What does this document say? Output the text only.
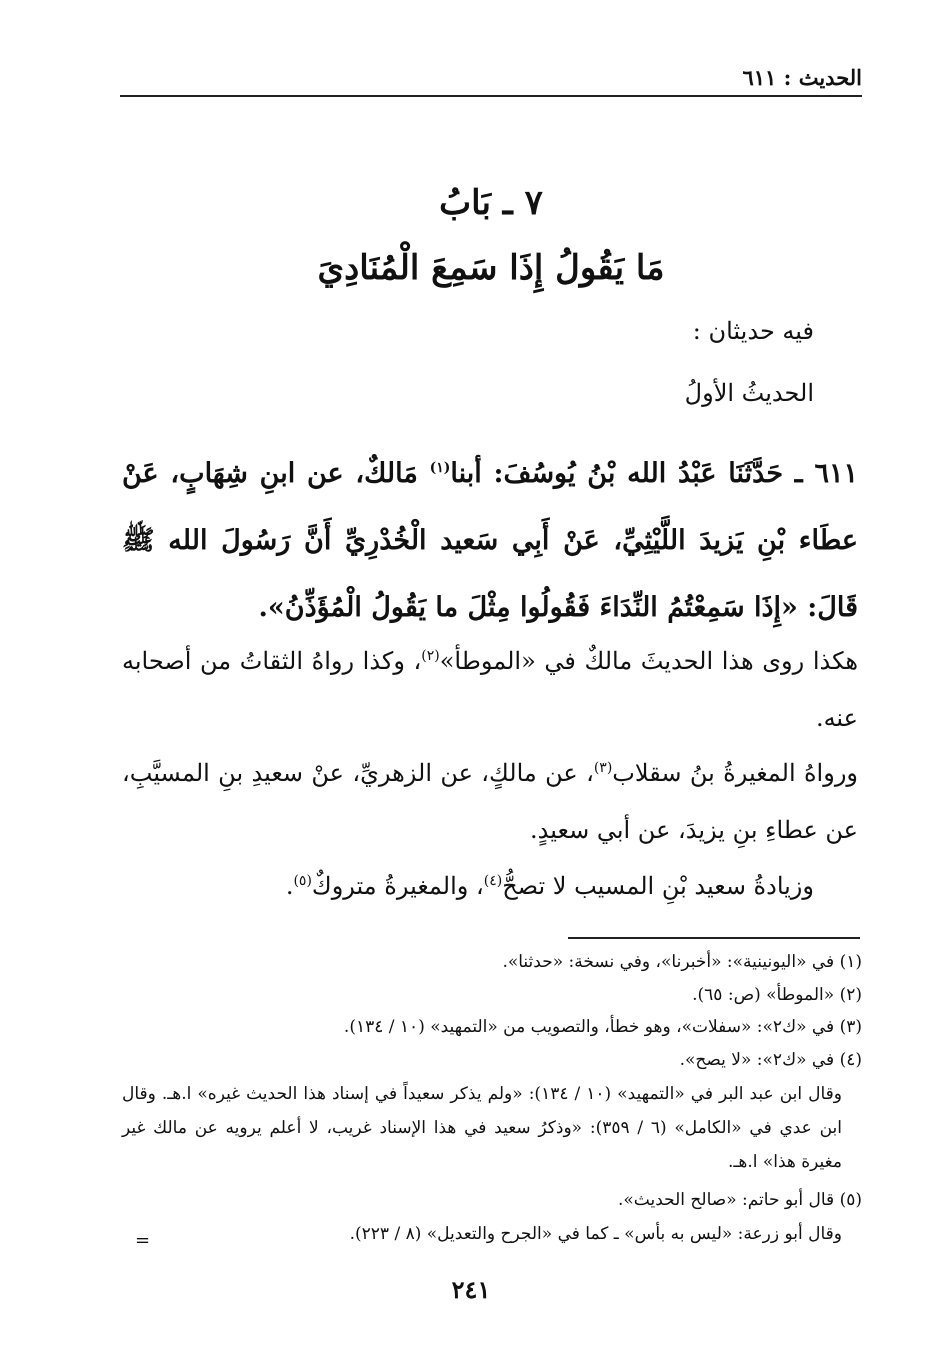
الحديث : ٦١١
٧ ـ بَابُ
مَا يَقُولُ إِذَا سَمِعَ الْمُنَادِيَ
فيه حديثان :
الحديثُ الأولُ
٦١١ ـ حَدَّثَنَا عَبْدُ الله بْنُ يُوسُفَ: أبنا$^{(١)}$ مَالكٌ، عن ابنِ شِهَابٍ، عَنْ عطَاء بْنِ يَزيدَ اللَّيْثِيِّ، عَنْ أَبِي سَعيد الْخُدْرِيِّ أَنَّ رَسُولَ الله ﷺ قَالَ: «إِذَا سَمِعْتُمُ النِّدَاءَ فَقُولُوا مِثْلَ ما يَقُولُ الْمُؤَذِّنُ».
هكذا روى هذا الحديثَ مالكٌ في «الموطأ»$^{(٢)}$، وكذا رواهُ الثقاتُ من أصحابه عنه.
ورواهُ المغيرةُ بنُ سقلاب$^{(٣)}$، عن مالكٍ، عن الزهريِّ، عنْ سعيدِ بنِ المسيَّبِ، عن عطاءِ بنِ يزيدَ، عن أبي سعيدٍ.
وزيادةُ سعيد بْنِ المسيب لا تصحُّ$^{(٤)}$، والمغيرةُ متروكٌ$^{(٥)}$.
(١) في «اليونينية»: «أخبرنا»، وفي نسخة: «حدثنا».
(٢) «الموطأ» (ص: ٦٥).
(٣) في «ك٢»: «سفلات»، وهو خطأ، والتصويب من «التمهيد» (١٠ / ١٣٤).
(٤) في «ك٢»: «لا يصح».
وقال ابن عبد البر في «التمهيد» (١٠ / ١٣٤): «ولم يذكر سعيداً في إسناد هذا الحديث غيره» ا.هـ. وقال ابن عدي في «الكامل» (٦ / ٣٥٩): «وذكرُ سعيد في هذا الإسناد غريب، لا أعلم يرويه عن مالك غير مغيرة هذا» ا.هـ.
(٥) قال أبو حاتم: «صالح الحديث».
وقال أبو زرعة: «ليس به بأس» ـ كما في «الجرح والتعديل» (٨ / ٢٢٣).
=
٢٤١
